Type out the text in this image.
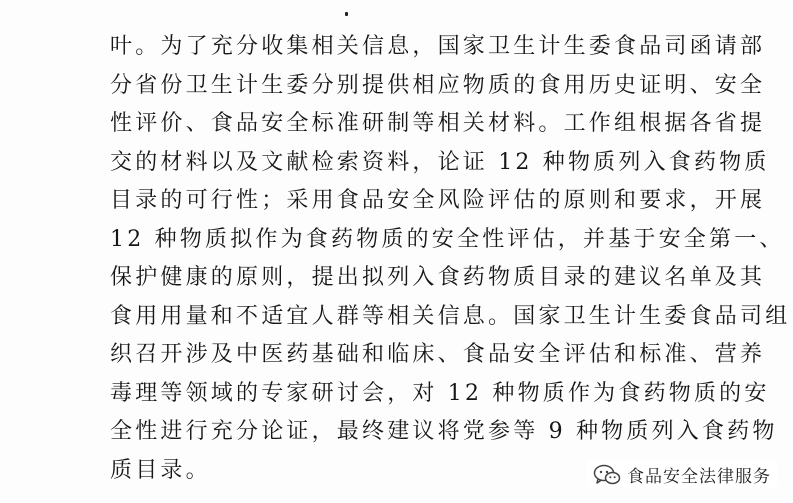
叶。为了充分收集相关信息，国家卫生计生委食品司函请部
分省份卫生计生委分别提供相应物质的食用历史证明、安全
性评价、食品安全标准研制等相关材料。工作组根据各省提
交的材料以及文献检索资料，论证 12 种物质列入食药物质
目录的可行性；采用食品安全风险评估的原则和要求，开展
12 种物质拟作为食药物质的安全性评估，并基于安全第一、
保护健康的原则，提出拟列入食药物质目录的建议名单及其
食用用量和不适宜人群等相关信息。国家卫生计生委食品司组
织召开涉及中医药基础和临床、食品安全评估和标准、营养
毒理等领域的专家研讨会，对 12 种物质作为食药物质的安
全性进行充分论证，最终建议将党参等 9 种物质列入食药物
质目录。	食品安全法律服务
